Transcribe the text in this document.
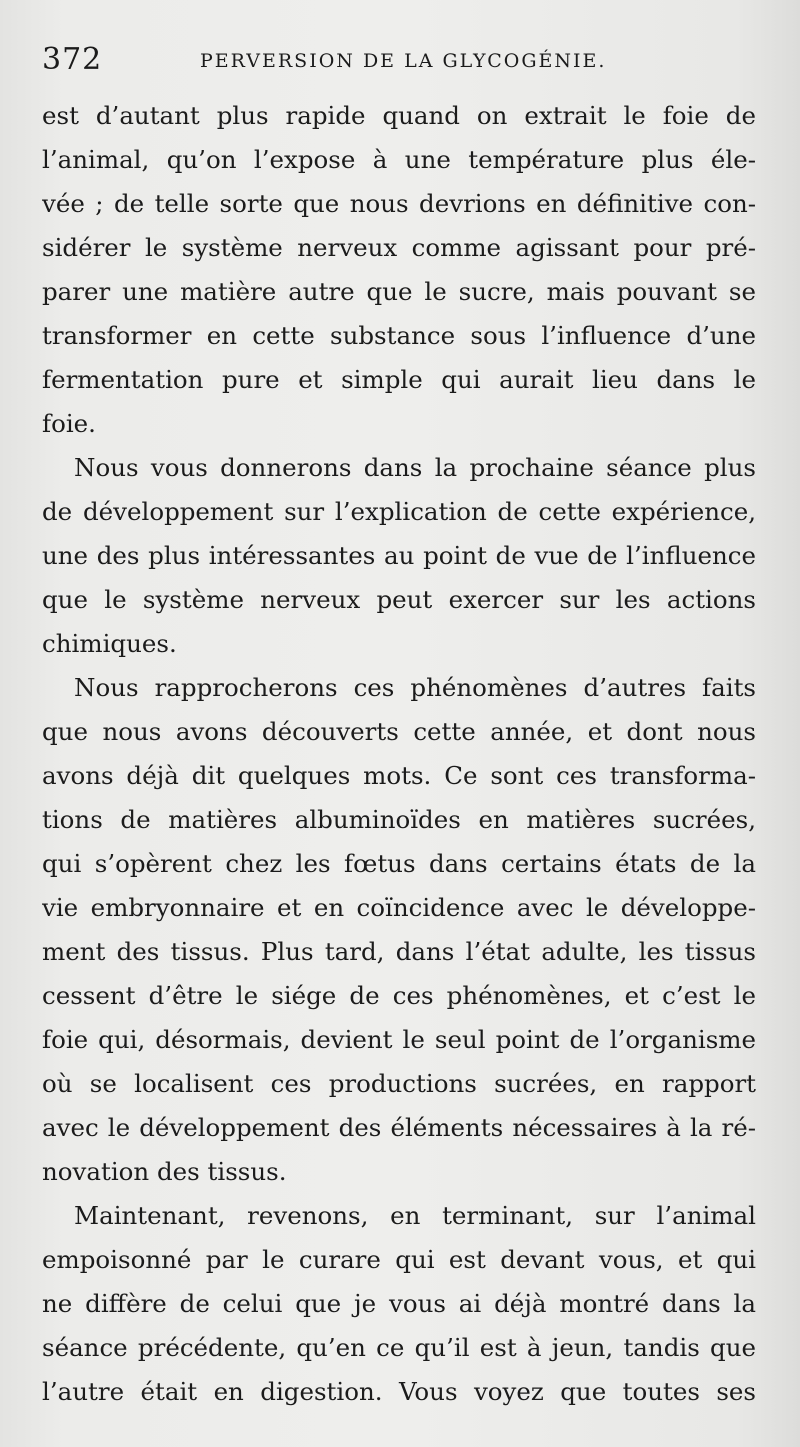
372	PERVERSION DE LA GLYCOGÉNIE.
est d’autant plus rapide quand on extrait le foie de
l’animal, qu’on l’expose à une température plus éle-
vée ; de telle sorte que nous devrions en définitive con-
sidérer le système nerveux comme agissant pour pré-
parer une matière autre que le sucre, mais pouvant se
transformer en cette substance sous l’influence d’une
fermentation pure et simple qui aurait lieu dans le
foie.
Nous vous donnerons dans la prochaine séance plus
de développement sur l’explication de cette expérience,
une des plus intéressantes au point de vue de l’influence
que le système nerveux peut exercer sur les actions
chimiques.
Nous rapprocherons ces phénomènes d’autres faits
que nous avons découverts cette année, et dont nous
avons déjà dit quelques mots. Ce sont ces transforma-
tions de matières albuminoïdes en matières sucrées,
qui s’opèrent chez les fœtus dans certains états de la
vie embryonnaire et en coïncidence avec le développe-
ment des tissus. Plus tard, dans l’état adulte, les tissus
cessent d’être le siége de ces phénomènes, et c’est le
foie qui, désormais, devient le seul point de l’organisme
où se localisent ces productions sucrées, en rapport
avec le développement des éléments nécessaires à la ré-
novation des tissus.
Maintenant, revenons, en terminant, sur l’animal
empoisonné par le curare qui est devant vous, et qui
ne diffère de celui que je vous ai déjà montré dans la
séance précédente, qu’en ce qu’il est à jeun, tandis que
l’autre était en digestion. Vous voyez que toutes ses
